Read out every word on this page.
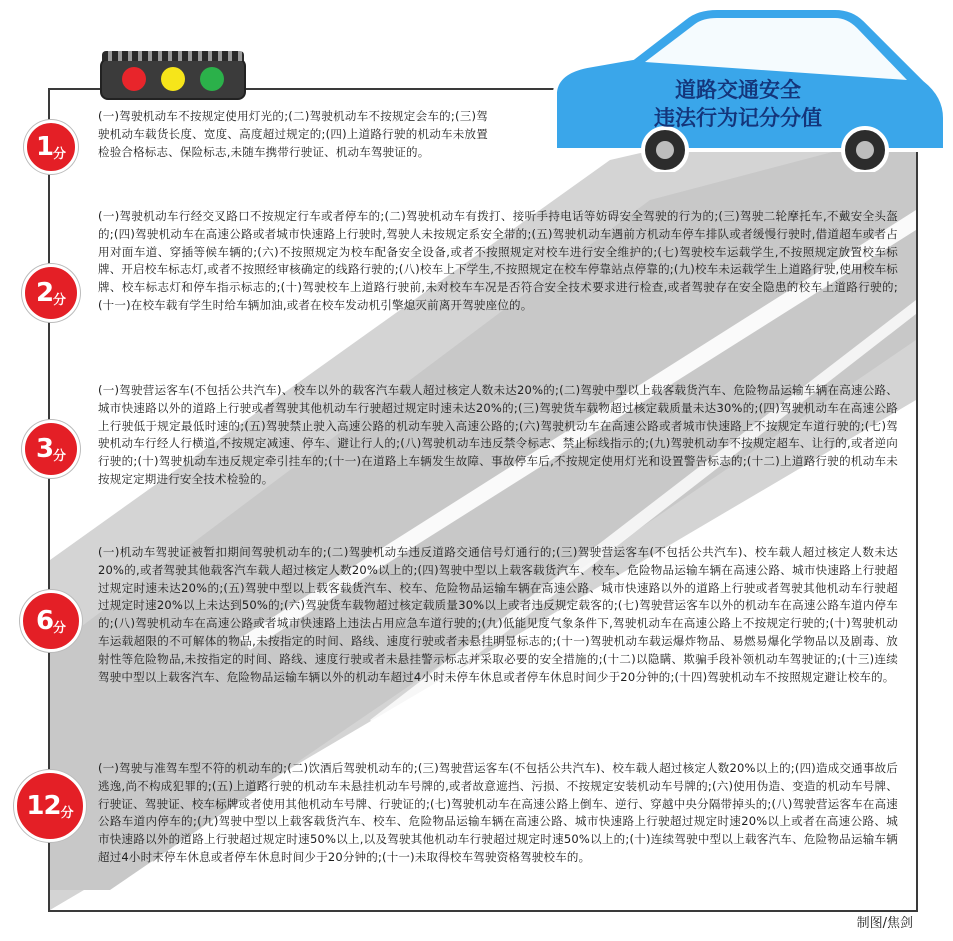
道路交通安全
违法行为记分分值
1 分
2 分
3 分
6 分
12 分
(一)驾驶机动车不按规定使用灯光的;(二)驾驶机动车不按规定会车的;(三)驾驶机动车载货长度、宽度、高度超过规定的;(四)上道路行驶的机动车未放置检验合格标志、保险标志,未随车携带行驶证、机动车驾驶证的。
(一)驾驶机动车行经交叉路口不按规定行车或者停车的;(二)驾驶机动车有拨打、接听手持电话等妨碍安全驾驶的行为的;(三)驾驶二轮摩托车,不戴安全头盔的;(四)驾驶机动车在高速公路或者城市快速路上行驶时,驾驶人未按规定系安全带的;(五)驾驶机动车遇前方机动车停车排队或者缓慢行驶时,借道超车或者占用对面车道、穿插等候车辆的;(六)不按照规定为校车配备安全设备,或者不按照规定对校车进行安全维护的;(七)驾驶校车运载学生,不按照规定放置校车标牌、开启校车标志灯,或者不按照经审核确定的线路行驶的;(八)校车上下学生,不按照规定在校车停靠站点停靠的;(九)校车未运载学生上道路行驶,使用校车标牌、校车标志灯和停车指示标志的;(十)驾驶校车上道路行驶前,未对校车车况是否符合安全技术要求进行检查,或者驾驶存在安全隐患的校车上道路行驶的;(十一)在校车载有学生时给车辆加油,或者在校车发动机引擎熄灭前离开驾驶座位的。
(一)驾驶营运客车(不包括公共汽车)、校车以外的载客汽车载人超过核定人数未达20%的;(二)驾驶中型以上载客载货汽车、危险物品运输车辆在高速公路、城市快速路以外的道路上行驶或者驾驶其他机动车行驶超过规定时速未达20%的;(三)驾驶货车载物超过核定载质量未达30%的;(四)驾驶机动车在高速公路上行驶低于规定最低时速的;(五)驾驶禁止驶入高速公路的机动车驶入高速公路的;(六)驾驶机动车在高速公路或者城市快速路上不按规定车道行驶的;(七)驾驶机动车行经人行横道,不按规定减速、停车、避让行人的;(八)驾驶机动车违反禁令标志、禁止标线指示的;(九)驾驶机动车不按规定超车、让行的,或者逆向行驶的;(十)驾驶机动车违反规定牵引挂车的;(十一)在道路上车辆发生故障、事故停车后,不按规定使用灯光和设置警告标志的;(十二)上道路行驶的机动车未按规定定期进行安全技术检验的。
(一)机动车驾驶证被暂扣期间驾驶机动车的;(二)驾驶机动车违反道路交通信号灯通行的;(三)驾驶营运客车(不包括公共汽车)、校车载人超过核定人数未达20%的,或者驾驶其他载客汽车载人超过核定人数20%以上的;(四)驾驶中型以上载客载货汽车、校车、危险物品运输车辆在高速公路、城市快速路上行驶超过规定时速未达20%的;(五)驾驶中型以上载客载货汽车、校车、危险物品运输车辆在高速公路、城市快速路以外的道路上行驶或者驾驶其他机动车行驶超过规定时速20%以上未达到50%的;(六)驾驶货车载物超过核定载质量30%以上或者违反规定载客的;(七)驾驶营运客车以外的机动车在高速公路车道内停车的;(八)驾驶机动车在高速公路或者城市快速路上违法占用应急车道行驶的;(九)低能见度气象条件下,驾驶机动车在高速公路上不按规定行驶的;(十)驾驶机动车运载超限的不可解体的物品,未按指定的时间、路线、速度行驶或者未悬挂明显标志的;(十一)驾驶机动车载运爆炸物品、易燃易爆化学物品以及剧毒、放射性等危险物品,未按指定的时间、路线、速度行驶或者未悬挂警示标志并采取必要的安全措施的;(十二)以隐瞒、欺骗手段补领机动车驾驶证的;(十三)连续驾驶中型以上载客汽车、危险物品运输车辆以外的机动车超过4小时未停车休息或者停车休息时间少于20分钟的;(十四)驾驶机动车不按照规定避让校车的。
(一)驾驶与准驾车型不符的机动车的;(二)饮酒后驾驶机动车的;(三)驾驶营运客车(不包括公共汽车)、校车载人超过核定人数20%以上的;(四)造成交通事故后逃逸,尚不构成犯罪的;(五)上道路行驶的机动车未悬挂机动车号牌的,或者故意遮挡、污损、不按规定安装机动车号牌的;(六)使用伪造、变造的机动车号牌、行驶证、驾驶证、校车标牌或者使用其他机动车号牌、行驶证的;(七)驾驶机动车在高速公路上倒车、逆行、穿越中央分隔带掉头的;(八)驾驶营运客车在高速公路车道内停车的;(九)驾驶中型以上载客载货汽车、校车、危险物品运输车辆在高速公路、城市快速路上行驶超过规定时速20%以上或者在高速公路、城市快速路以外的道路上行驶超过规定时速50%以上,以及驾驶其他机动车行驶超过规定时速50%以上的;(十)连续驾驶中型以上载客汽车、危险物品运输车辆超过4小时未停车休息或者停车休息时间少于20分钟的;(十一)未取得校车驾驶资格驾驶校车的。
制图/焦剑
